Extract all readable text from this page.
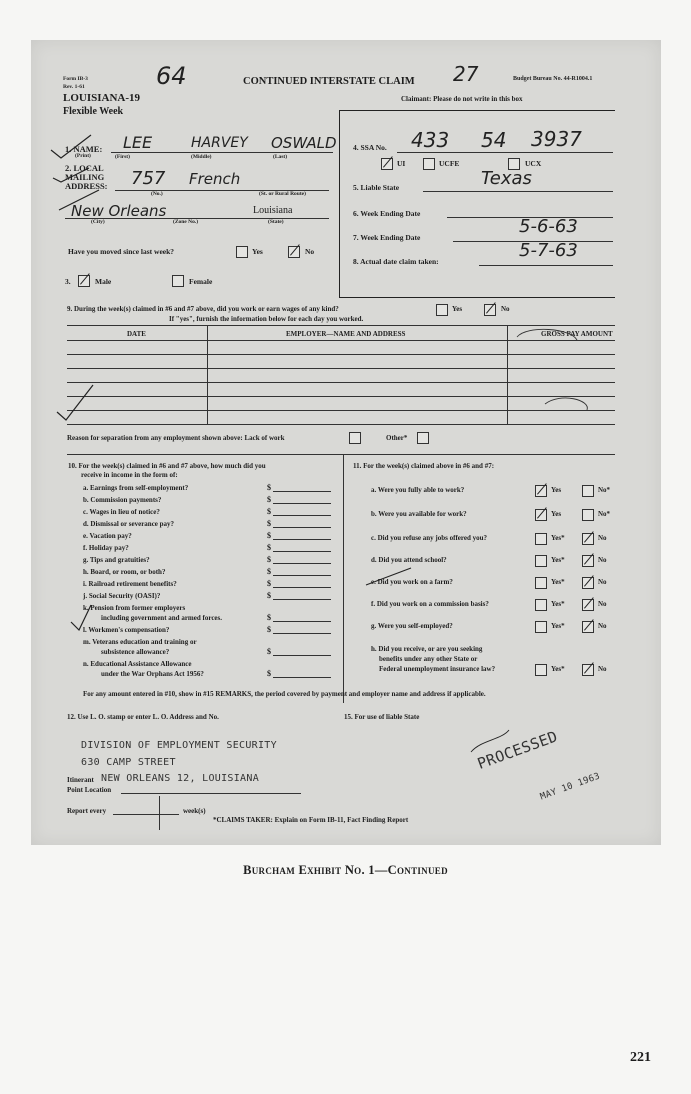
Form IB-3
Rev. 1-61
LOUISIANA-19
Flexible Week
64	CONTINUED INTERSTATE CLAIM 27	Budget Bureau No. 44-R1004.1
Claimant: Please do not write in this box
1. NAME:
(Print)
LEE	HARVEY OSWALD
(First)	(Middle)	(Last)
2. LOCAL
MAILING
ADDRESS: 757 French
(No.)	(St. or Rural Route)
New Orleans	Louisiana
(City)	(Zone No.)	(State)
Have you moved since last week?	Yes	No
3.	Male	Female
4. SSA No. 433 54 3937
UI	UCFE	UCX
5. Liable State	Texas
6. Week Ending Date
7. Week Ending Date
5-6-63
8. Actual date claim taken:
5-7-63
9. During the week(s) claimed in #6 and #7 above, did you work or earn wages of any kind?	Yes	No
If "yes", furnish the information below for each day you worked.
DATE	EMPLOYER—NAME AND ADDRESS	GROSS PAY AMOUNT
Reason for separation from any employment shown above: Lack of work	Other*
10. For the week(s) claimed in #6 and #7 above, how much did you
receive in income in the form of:
a. Earnings from self-employment?	$
b. Commission payments?	$
c. Wages in lieu of notice?	$
d. Dismissal or severance pay?	$
e. Vacation pay?	$
f. Holiday pay?	$
g. Tips and gratuities?	$
h. Board, or room, or both?	$
i. Railroad retirement benefits?	$
j. Social Security (OASI)?	$
k. Pension from former employers
including government and armed forces.	$
l. Workmen's compensation?	$
m. Veterans education and training or
subsistence allowance?	$
n. Educational Assistance Allowance
under the War Orphans Act 1956?	$
For any amount entered in #10, show in #15 REMARKS, the period covered by payment and employer name and address if applicable.
11. For the week(s) claimed above in #6 and #7:
a. Were you fully able to work?	Yes	No*
b. Were you available for work?	Yes	No*
c. Did you refuse any jobs offered you?	Yes*	No
d. Did you attend school?	Yes*	No
e. Did you work on a farm?	Yes*	No
f. Did you work on a commission basis?	Yes*	No
g. Were you self-employed?	Yes*	No
h. Did you receive, or are you seeking
benefits under any other State or
Federal unemployment insurance law?	Yes*	No
12. Use L. O. stamp or enter L. O. Address and No.
DIVISION OF EMPLOYMENT SECURITY
630 CAMP STREET
Itinerant NEW ORLEANS 12, LOUISIANA
Point Location
Report every	week(s)
*CLAIMS TAKER: Explain on Form IB-11, Fact Finding Report
15. For use of liable State
PROCESSED
MAY 10 1963
Burcham Exhibit No. 1—Continued
221
